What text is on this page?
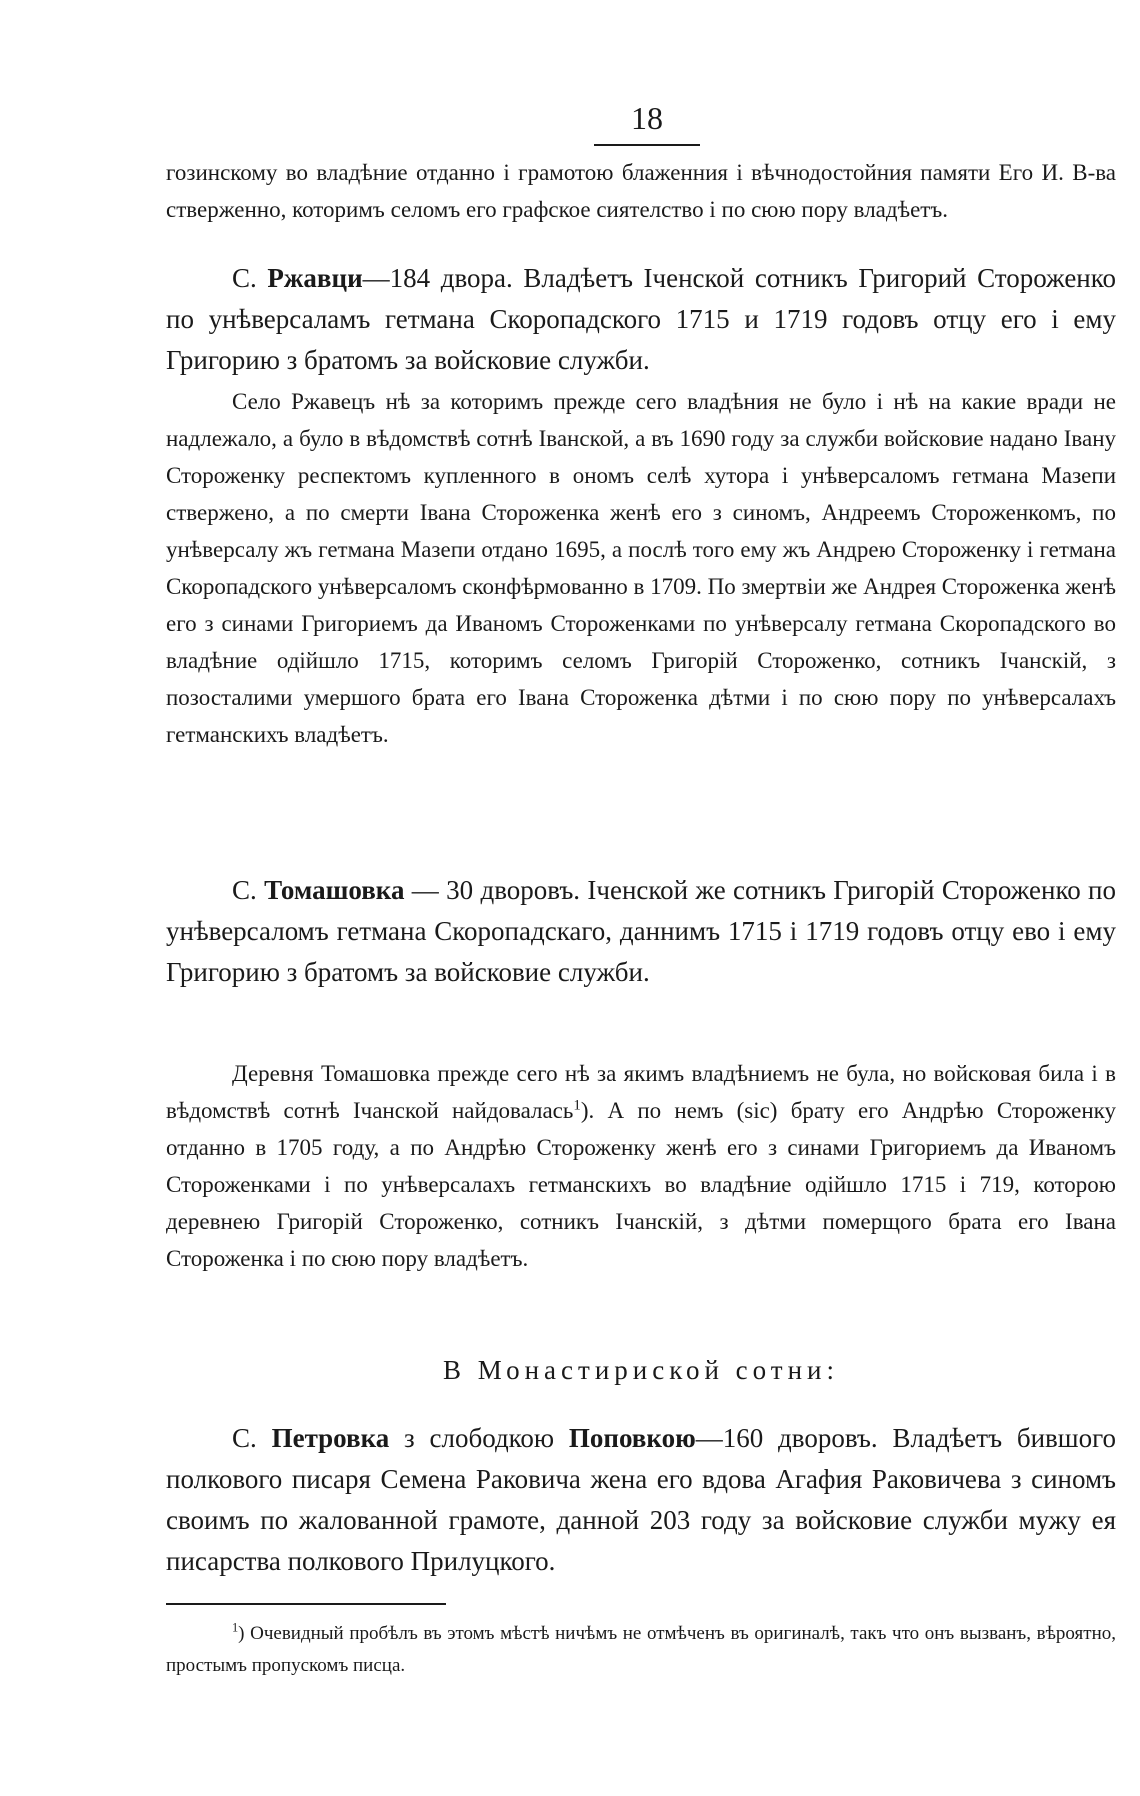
18

гозинскому во владѣние отданно і грамотою блаженния і вѣчнодостойния памяти Его И. В-ва стверженно, которимъ селомъ его графское сиятелство і по сюю пору владѣетъ.

С. Ржавци—184 двора. Владѣетъ Іченской сотникъ Григорий Стороженко по унѣверсаламъ гетмана Скоропадского 1715 и 1719 годовъ отцу его і ему Григорию з братомъ за войсковие служби.

Село Ржавецъ нѣ за которимъ прежде сего владѣния не було і нѣ на какие вради не надлежало, а було в вѣдомствѣ сотнѣ Іванской, а въ 1690 году за служби войсковие надано Івану Стороженку респектомъ купленного в ономъ селѣ хутора і унѣверсаломъ гетмана Мазепи стверженo, а по смерти Івана Стороженка женѣ его з синомъ, Андреемъ Стороженкомъ, по унѣверсалу жъ гетмана Мазепи отдано 1695, а послѣ того ему жъ Андрею Стороженку і гетмана Скоропадского унѣверсаломъ сконфѣрмованно в 1709. По змертвіи же Андрея Стороженка женѣ его з синами Григориемъ да Иваномъ Стороженками по унѣверсалу гетмана Скоропадского во владѣние одійшло 1715, которимъ селомъ Григорій Стороженко, сотникъ Ічанскій, з позосталими умершого брата его Івана Стороженка дѣтми і по сюю пору по унѣверсалахъ гетманскихъ владѣетъ.

С. Томашовка — 30 дворовъ. Іченской же сотникъ Григорій Стороженко по унѣверсаломъ гетмана Скоропадскаго, даннимъ 1715 і 1719 годовъ отцу ево і ему Григорию з братомъ за войсковие служби.

Деревня Томашовка прежде сего нѣ за якимъ владѣниемъ не була, но войсковая била і в вѣдомствѣ сотнѣ Ічанской найдовалась$^1$). А по немъ (sic) брату его Андрѣю Стороженку отданно в 1705 году, а по Андрѣю Стороженку женѣ его з синами Григориемъ да Иваномъ Стороженками і по унѣверсалахъ гетманскихъ во владѣние одійшло 1715 і 719, которою деревнею Григорій Стороженко, сотникъ Ічанскій, з дѣтми померщого брата его Івана Стороженка і по сюю пору владѣетъ.

В Монастириской сотни:

С. Петровка з слободкою Поповкою—160 дворовъ. Владѣетъ бившого полкового писаря Семена Раковича жена его вдова Агафия Раковичева з синомъ своимъ по жалованной грамоте, данной 203 году за войсковие служби мужу ея писарства полкового Прилуцкого.

$^1$) Очевидный пробѣлъ въ этомъ мѣстѣ ничѣмъ не отмѣченъ въ оригиналѣ, такъ что онъ вызванъ, вѣроятно, простымъ пропускомъ писца.
